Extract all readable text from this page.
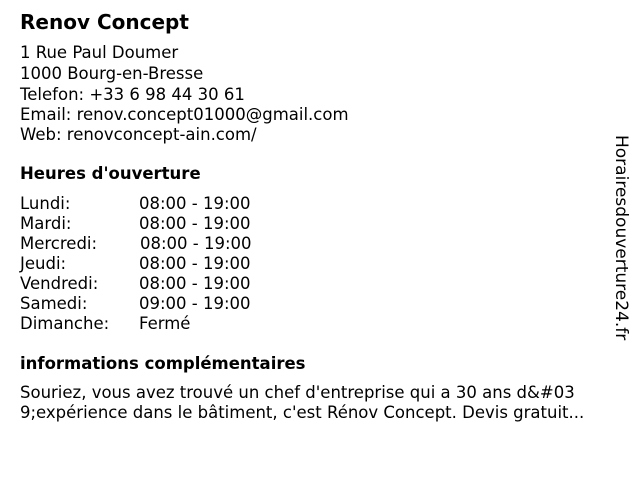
Renov Concept
1 Rue Paul Doumer
1000 Bourg-en-Bresse
Telefon: +33 6 98 44 30 61
Email: renov.concept01000@gmail.com
Web: renovconcept-ain.com/
Heures d'ouverture
Lundi:	08:00 - 19:00
Mardi:	08:00 - 19:00
Mercredi:	08:00 - 19:00
Jeudi:	08:00 - 19:00
Vendredi: 08:00 - 19:00
Samedi:	09:00 - 19:00
Dimanche: Fermé
informations complémentaires
Souriez, vous avez trouvé un chef d'entreprise qui a 30 ans d&#03
9;expérience dans le bâtiment, c'est Rénov Concept. Devis gratuit...
Horairesdouverture24.fr
